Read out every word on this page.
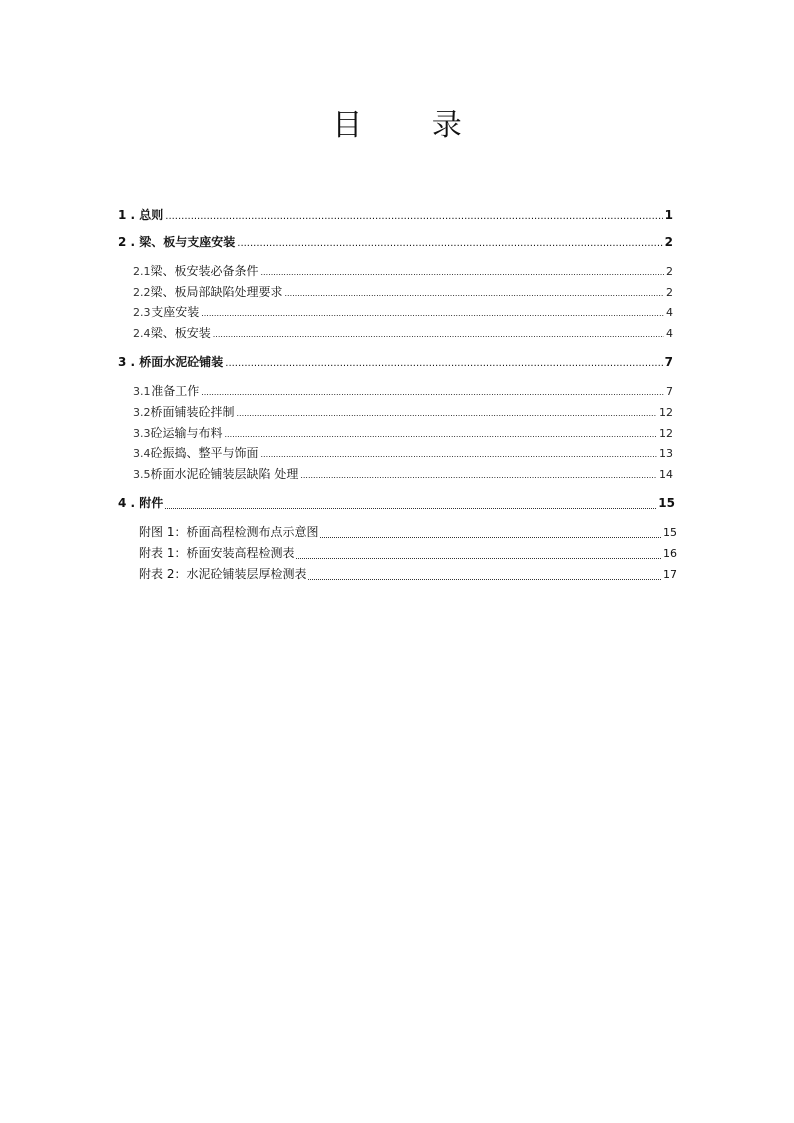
目 录
1 . 总则 .....	1
2 . 梁、板与支座安装 .....	2
2.1 梁、板安装必备条件 .....	2
2.2 梁、板局部缺陷处理要求 .....	2
2.3 支座安装 .....	4
2.4 梁、板安装 .....	4
3 . 桥面水泥砼铺装 .....	7
3.1 准备工作 .....	7
3.2 桥面铺装砼拌制 .....	12
3.3 砼运输与布料 .....	12
3.4 砼振捣、整平与饰面 .....	13
3.5 桥面水泥砼铺装层缺陷 处理 .....	14
4 . 附件	15
附图 1：桥面高程检测布点示意图	15
附表 1：桥面安装高程检测表	16
附表 2：水泥砼铺装层厚检测表	17
